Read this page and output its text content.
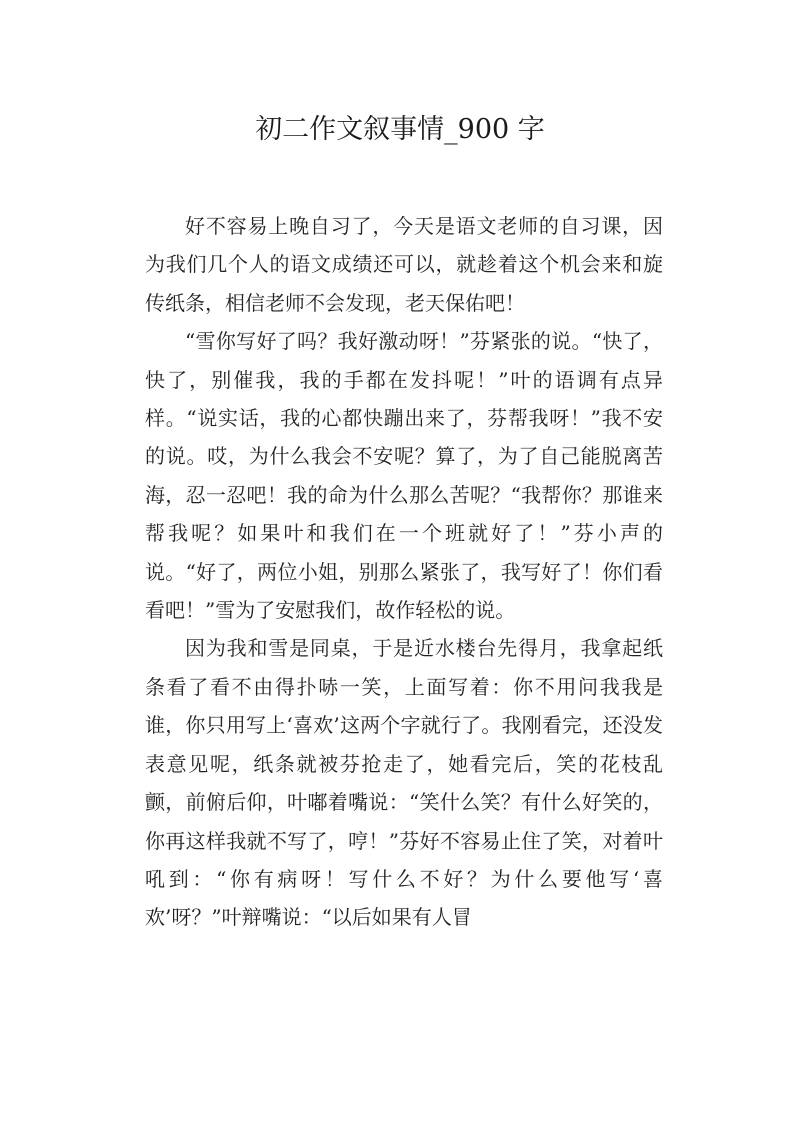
初二作文叙事情_900 字

好不容易上晚自习了，今天是语文老师的自习课，因为我们几个人的语文成绩还可以，就趁着这个机会来和旋传纸条，相信老师不会发现，老天保佑吧！

“雪你写好了吗？我好激动呀！”芬紧张的说。“快了，快了，别催我，我的手都在发抖呢！”叶的语调有点异样。“说实话，我的心都快蹦出来了，芬帮我呀！”我不安的说。哎，为什么我会不安呢？算了，为了自己能脱离苦海，忍一忍吧！我的命为什么那么苦呢？“我帮你？那谁来帮我呢？如果叶和我们在一个班就好了！”芬小声的说。“好了，两位小姐，别那么紧张了，我写好了！你们看看吧！”雪为了安慰我们，故作轻松的说。

因为我和雪是同桌，于是近水楼台先得月，我拿起纸条看了看不由得扑哧一笑，上面写着：你不用问我我是谁，你只用写上‘喜欢’这两个字就行了。我刚看完，还没发表意见呢，纸条就被芬抢走了，她看完后，笑的花枝乱颤，前俯后仰，叶嘟着嘴说：“笑什么笑？有什么好笑的，你再这样我就不写了，哼！”芬好不容易止住了笑，对着叶吼到：“你有病呀！写什么不好？为什么要他写‘喜欢’呀？”叶辩嘴说：“以后如果有人冒
